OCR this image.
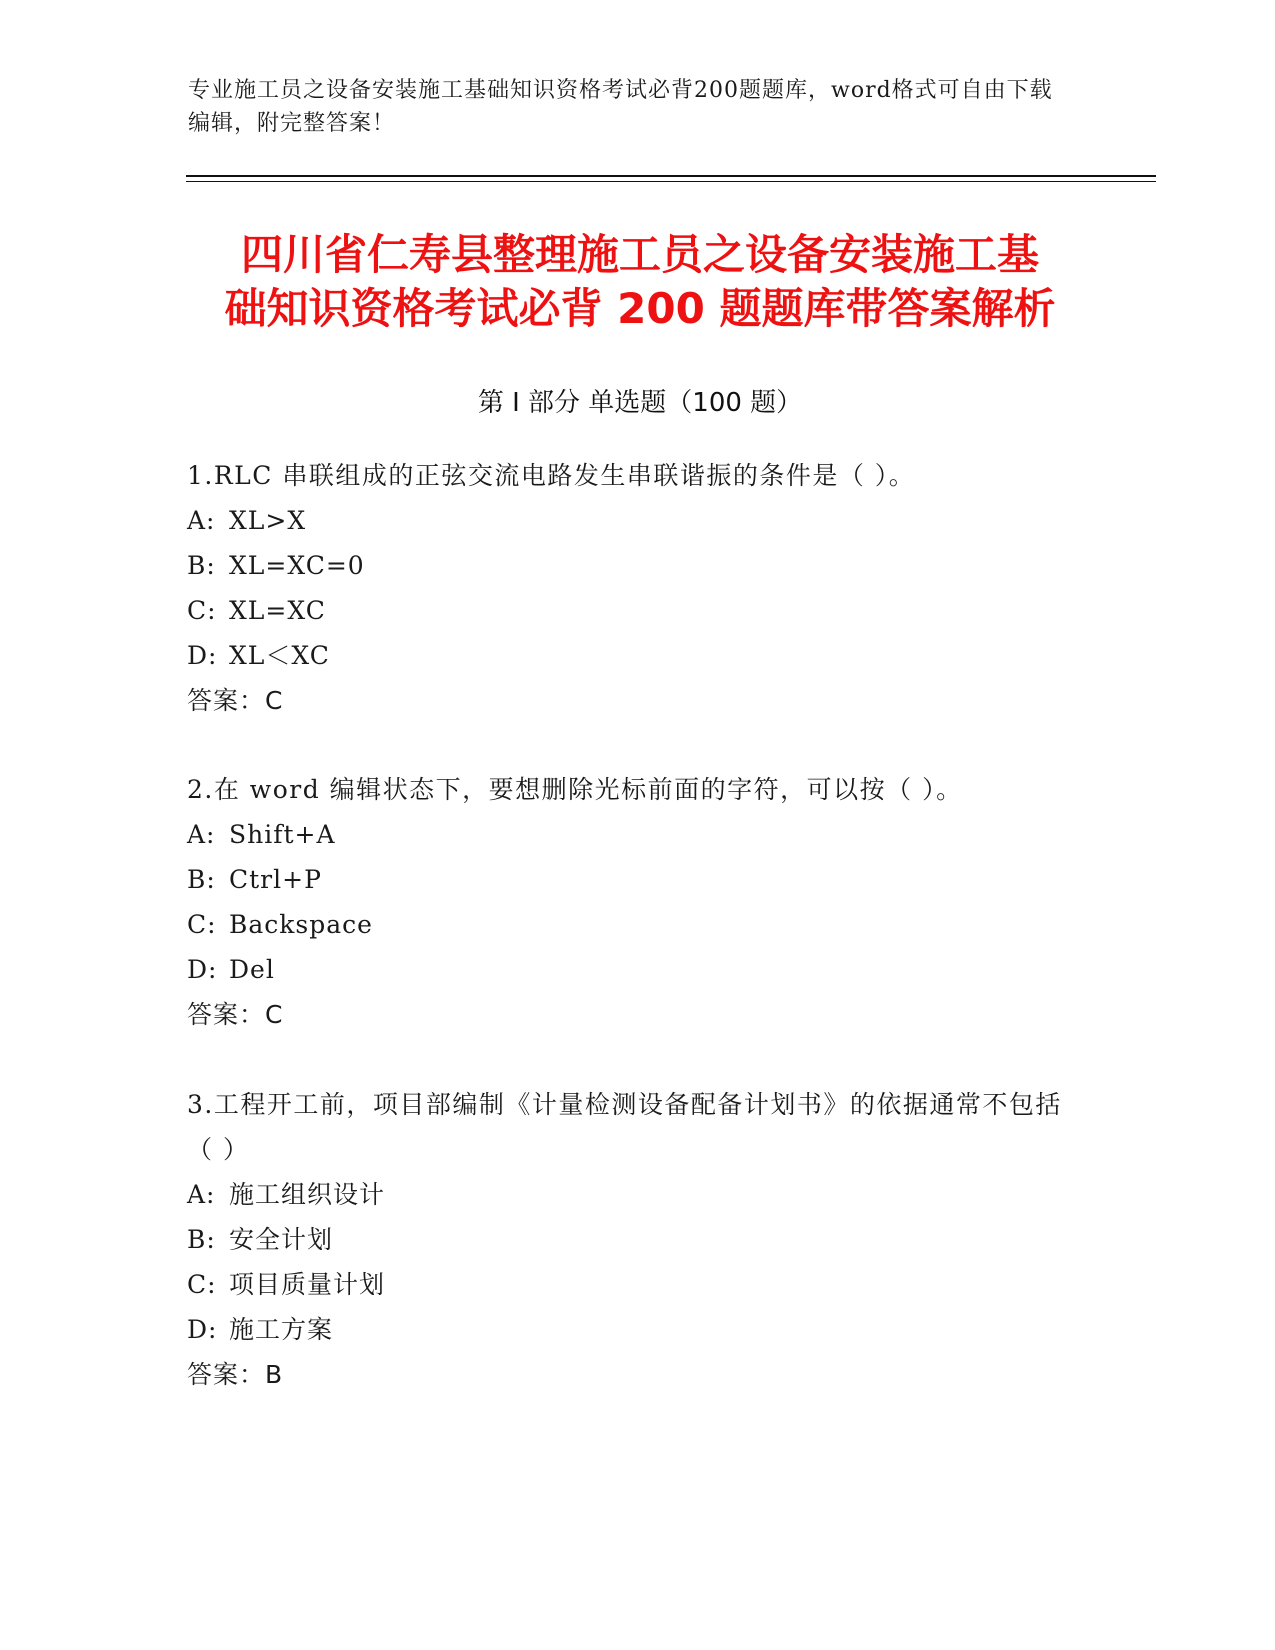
专业施工员之设备安装施工基础知识资格考试必背200题题库，word格式可自由下载编辑，附完整答案！
四川省仁寿县整理施工员之设备安装施工基
础知识资格考试必背 200 题题库带答案解析
第 I 部分 单选题（100 题）
1.RLC 串联组成的正弦交流电路发生串联谐振的条件是（ ）。
A: XL>X
B: XL=XC=0
C: XL=XC
D: XL＜XC
答案：C
2.在 word 编辑状态下，要想删除光标前面的字符，可以按（ ）。
A: Shift+A
B: Ctrl+P
C: Backspace
D: Del
答案：C
3.工程开工前，项目部编制《计量检测设备配备计划书》的依据通常不包括（ ）
A: 施工组织设计
B: 安全计划
C: 项目质量计划
D: 施工方案
答案：B
